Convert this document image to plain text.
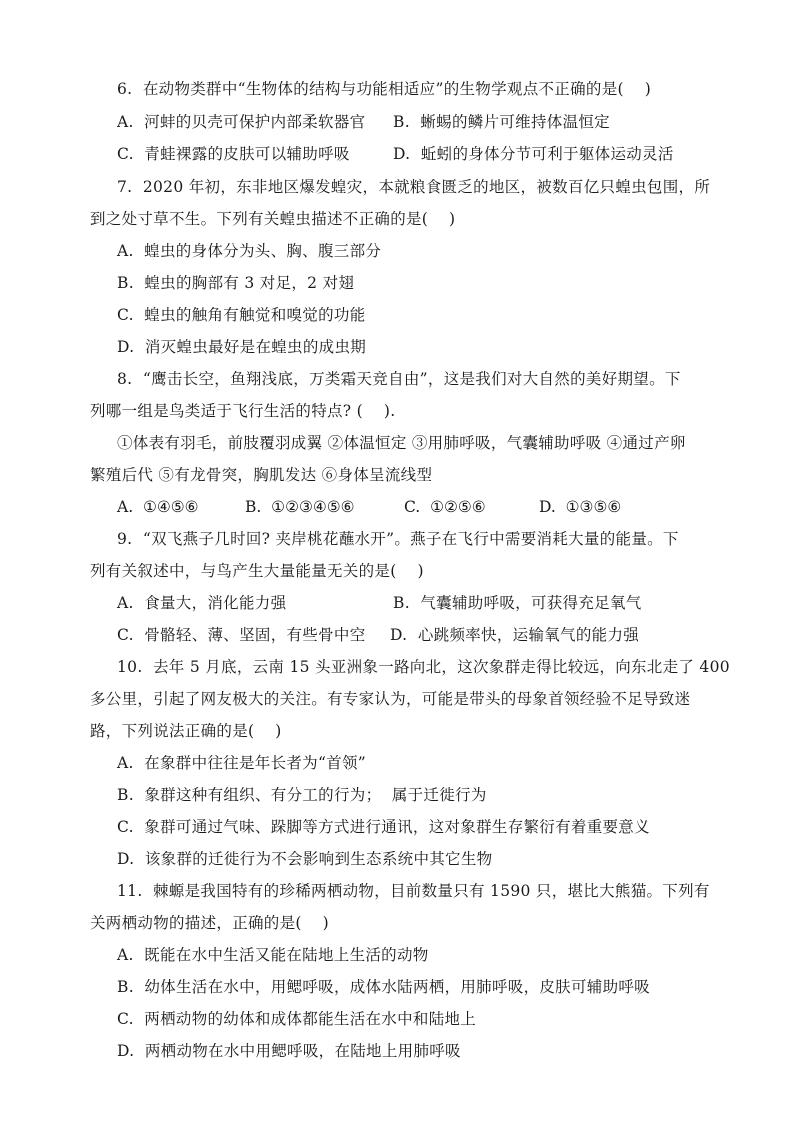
6.  在动物类群中“生物体的结构与功能相适应”的生物学观点不正确的是(    )
A.  河蚌的贝壳可保护内部柔软器官 B.  蜥蜴的鳞片可维持体温恒定
C.  青蛙裸露的皮肤可以辅助呼吸	D.  蚯蚓的身体分节可利于躯体运动灵活
7.  2020 年初，东非地区爆发蝗灾，本就粮食匮乏的地区，被数百亿只蝗虫包围，所
到之处寸草不生。下列有关蝗虫描述不正确的是(    )
A.  蝗虫的身体分为头、胸、腹三部分
B.  蝗虫的胸部有 3 对足，2 对翅
C.  蝗虫的触角有触觉和嗅觉的功能
D.  消灭蝗虫最好是在蝗虫的成虫期
8.  “鹰击长空，鱼翔浅底，万类霜天竞自由”，这是我们对大自然的美好期望。下
列哪一组是鸟类适于飞行生活的特点? (    ).
①体表有羽毛，前肢覆羽成翼 ②体温恒定 ③用肺呼吸，气囊辅助呼吸 ④通过产卵
繁殖后代 ⑤有龙骨突，胸肌发达 ⑥身体呈流线型
A.  ①④⑤⑥	B.  ①②③④⑤⑥	C.  ①②⑤⑥	D.  ①③⑤⑥
9.  “双飞燕子几时回? 夹岸桃花蘸水开”。燕子在飞行中需要消耗大量的能量。下
列有关叙述中，与鸟产生大量能量无关的是(    )
A.  食量大，消化能力强	B.  气囊辅助呼吸，可获得充足氧气
C.  骨骼轻、薄、坚固，有些骨中空 D.  心跳频率快，运输氧气的能力强
10.  去年 5 月底，云南 15 头亚洲象一路向北，这次象群走得比较远，向东北走了 400
多公里，引起了网友极大的关注。有专家认为，可能是带头的母象首领经验不足导致迷
路，下列说法正确的是(    )
A.  在象群中往往是年长者为“首领”
B.  象群这种有组织、有分工的行为；  属于迁徙行为
C.  象群可通过气味、跺脚等方式进行通讯，这对象群生存繁衍有着重要意义
D.  该象群的迁徙行为不会影响到生态系统中其它生物
11.  棘螈是我国特有的珍稀两栖动物，目前数量只有 1590 只，堪比大熊猫。下列有
关两栖动物的描述，正确的是(    )
A.  既能在水中生活又能在陆地上生活的动物
B.  幼体生活在水中，用鳃呼吸，成体水陆两栖，用肺呼吸，皮肤可辅助呼吸
C.  两栖动物的幼体和成体都能生活在水中和陆地上
D.  两栖动物在水中用鳃呼吸，在陆地上用肺呼吸
